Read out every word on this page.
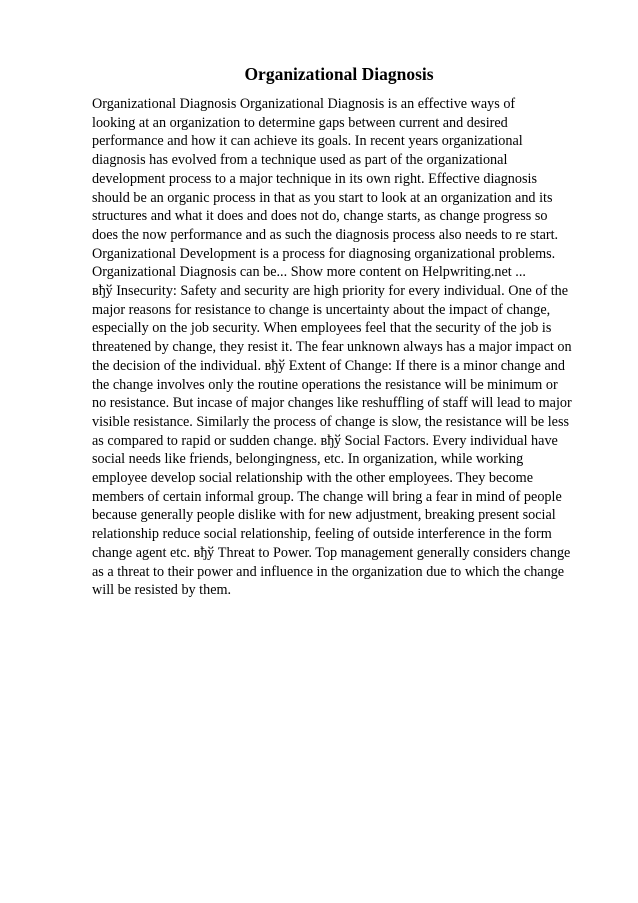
Organizational Diagnosis
Organizational Diagnosis Organizational Diagnosis is an effective ways of
looking at an organization to determine gaps between current and desired
performance and how it can achieve its goals. In recent years organizational
diagnosis has evolved from a technique used as part of the organizational
development process to a major technique in its own right. Effective diagnosis
should be an organic process in that as you start to look at an organization and its
structures and what it does and does not do, change starts, as change progress so
does the now performance and as such the diagnosis process also needs to re start.
Organizational Development is a process for diagnosing organizational problems.
Organizational Diagnosis can be... Show more content on Helpwriting.net ...
вђў Insecurity: Safety and security are high priority for every individual. One of the
major reasons for resistance to change is uncertainty about the impact of change,
especially on the job security. When employees feel that the security of the job is
threatened by change, they resist it. The fear unknown always has a major impact on
the decision of the individual. вђў Extent of Change: If there is a minor change and
the change involves only the routine operations the resistance will be minimum or
no resistance. But incase of major changes like reshuffling of staff will lead to major
visible resistance. Similarly the process of change is slow, the resistance will be less
as compared to rapid or sudden change. вђў Social Factors. Every individual have
social needs like friends, belongingness, etc. In organization, while working
employee develop social relationship with the other employees. They become
members of certain informal group. The change will bring a fear in mind of people
because generally people dislike with for new adjustment, breaking present social
relationship reduce social relationship, feeling of outside interference in the form
change agent etc. вђў Threat to Power. Top management generally considers change
as a threat to their power and influence in the organization due to which the change
will be resisted by them.
